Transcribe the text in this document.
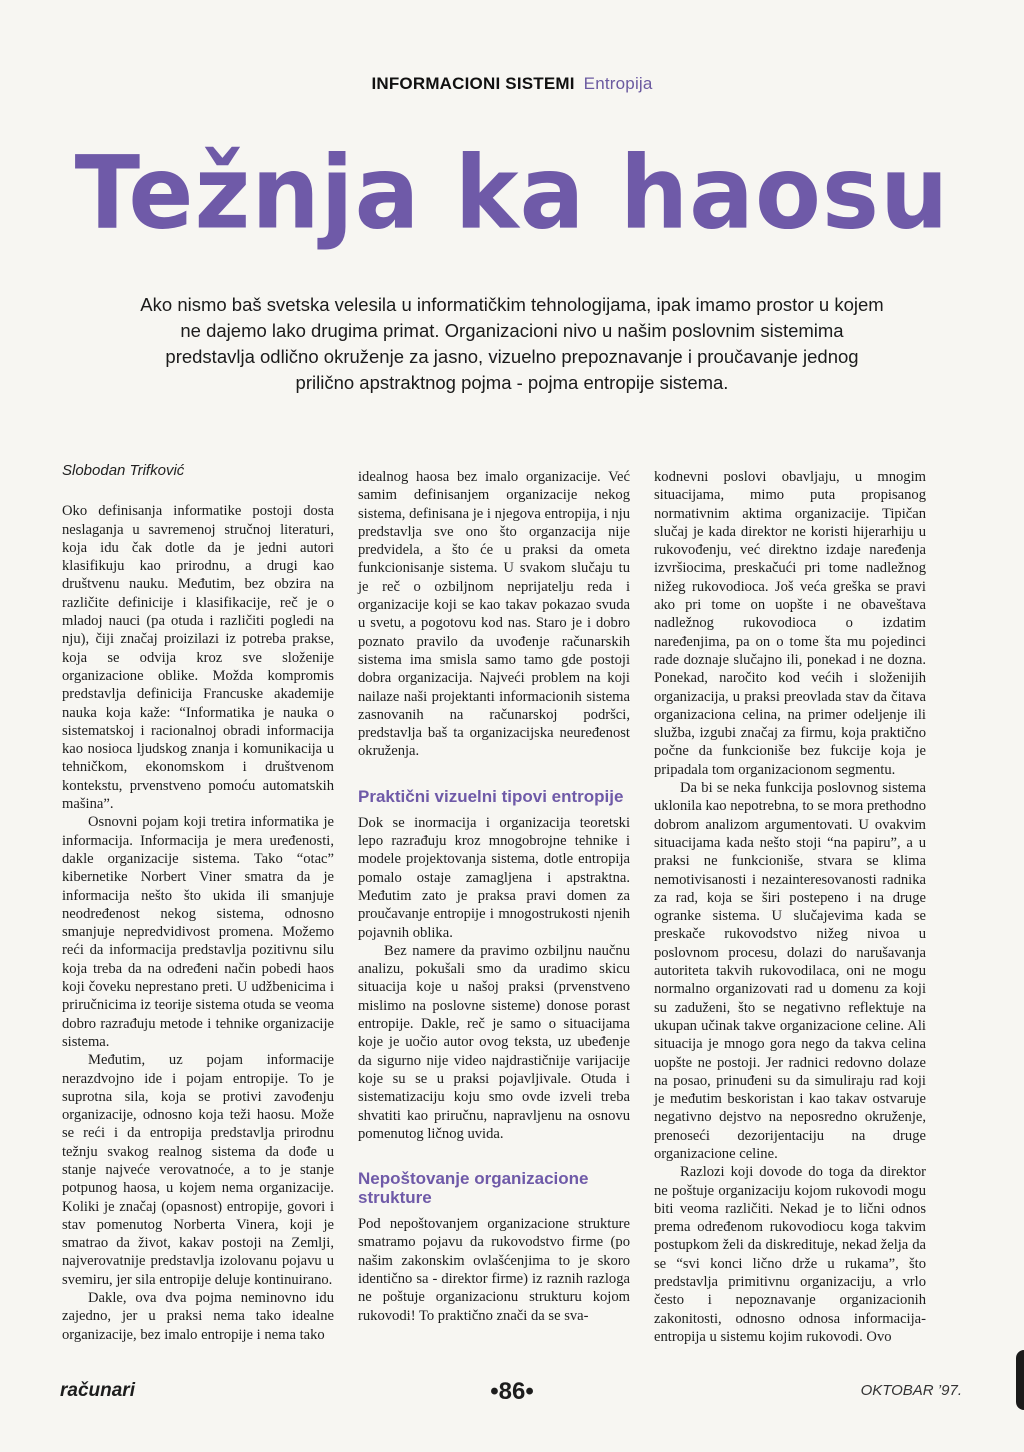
INFORMACIONI SISTEMI Entropija
Težnja ka haosu
Ako nismo baš svetska velesila u informatičkim tehnologijama, ipak imamo prostor u kojem ne dajemo lako drugima primat. Organizacioni nivo u našim poslovnim sistemima predstavlja odlično okruženje za jasno, vizuelno prepoznavanje i proučavanje jednog prilično apstraktnog pojma - pojma entropije sistema.
Slobodan Trifković

Oko definisanja informatike postoji dosta neslaganja u savremenoj stručnoj literaturi, koja idu čak dotle da je jedni autori klasifikuju kao prirodnu, a drugi kao društvenu nauku. Međutim, bez obzira na različite definicije i klasifikacije, reč je o mladoj nauci (pa otuda i različiti pogledi na nju), čiji značaj proizilazi iz potreba prakse, koja se odvija kroz sve složenije organizacione oblike. Možda kompromis predstavlja definicija Francuske akademije nauka koja kaže: “Informatika je nauka o sistematskoj i racionalnoj obradi informacija kao nosioca ljudskog znanja i komunikacija u tehničkom, ekonomskom i društvenom kontekstu, prvenstveno pomoću automatskih mašina”.

Osnovni pojam koji tretira informatika je informacija. Informacija je mera uređenosti, dakle organizacije sistema. Tako “otac” kibernetike Norbert Viner smatra da je informacija nešto što ukida ili smanjuje neodređenost nekog sistema, odnosno smanjuje nepredvidivost promena. Možemo reći da informacija predstavlja pozitivnu silu koja treba da na određeni način pobedi haos koji čoveku neprestano preti. U udžbenicima i priručnicima iz teorije sistema otuda se veoma dobro razrađuju metode i tehnike organizacije sistema.

Međutim, uz pojam informacije nerazdvojno ide i pojam entropije. To je suprotna sila, koja se protivi zavođenju organizacije, odnosno koja teži haosu. Može se reći i da entropija predstavlja prirodnu težnju svakog realnog sistema da dođe u stanje najveće verovatnoće, a to je stanje potpunog haosa, u kojem nema organizacije. Koliki je značaj (opasnost) entropije, govori i stav pomenutog Norberta Vinera, koji je smatrao da život, kakav postoji na Zemlji, najverovatnije predstavlja izolovanu pojavu u svemiru, jer sila entropije deluje kontinuirano.

Dakle, ova dva pojma neminovno idu zajedno, jer u praksi nema tako idealne organizacije, bez imalo entropije i nema tako

idealnog haosa bez imalo organizacije. Već samim definisanjem organizacije nekog sistema, definisana je i njegova entropija, i nju predstavlja sve ono što organzacija nije predvidela, a što će u praksi da ometa funkcionisanje sistema. U svakom slučaju tu je reč o ozbiljnom neprijatelju reda i organizacije koji se kao takav pokazao svuda u svetu, a pogotovu kod nas. Staro je i dobro poznato pravilo da uvođenje računarskih sistema ima smisla samo tamo gde postoji dobra organizacija. Najveći problem na koji nailaze naši projektanti informacionih sistema zasnovanih na računarskoj podršci, predstavlja baš ta organizacijska neuređenost okruženja.

Praktični vizuelni tipovi entropije

Dok se inormacija i organizacija teoretski lepo razrađuju kroz mnogobrojne tehnike i modele projektovanja sistema, dotle entropija pomalo ostaje zamagljena i apstraktna. Međutim zato je praksa pravi domen za proučavanje entropije i mnogostrukosti njenih pojavnih oblika.

Bez namere da pravimo ozbiljnu naučnu analizu, pokušali smo da uradimo skicu situacija koje u našoj praksi (prvenstveno mislimo na poslovne sisteme) donose porast entropije. Dakle, reč je samo o situacijama koje je uočio autor ovog teksta, uz ubeđenje da sigurno nije video najdrastičnije varijacije koje su se u praksi pojavljivale. Otuda i sistematizaciju koju smo ovde izveli treba shvatiti kao priručnu, napravljenu na osnovu pomenutog ličnog uvida.

Nepoštovanje organizacione strukture

Pod nepoštovanjem organizacione strukture smatramo pojavu da rukovodstvo firme (po našim zakonskim ovlašćenjima to je skoro identično sa - direktor firme) iz raznih razloga ne poštuje organizacionu strukturu kojom rukovodi! To praktično znači da se sva-

kodnevni poslovi obavljaju, u mnogim situacijama, mimo puta propisanog normativnim aktima organizacije. Tipičan slučaj je kada direktor ne koristi hijerarhiju u rukovođenju, već direktno izdaje naređenja izvršiocima, preskačući pri tome nadležnog nižeg rukovodioca. Još veća greška se pravi ako pri tome on uopšte i ne obaveštava nadležnog rukovodioca o izdatim naređenjima, pa on o tome šta mu pojedinci rade doznaje slučajno ili, ponekad i ne dozna. Ponekad, naročito kod većih i složenijih organizacija, u praksi preovlada stav da čitava organizaciona celina, na primer odeljenje ili služba, izgubi značaj za firmu, koja praktično počne da funkcioniše bez fukcije koja je pripadala tom organizacionom segmentu.

Da bi se neka funkcija poslovnog sistema uklonila kao nepotrebna, to se mora prethodno dobrom analizom argumentovati. U ovakvim situacijama kada nešto stoji “na papiru”, a u praksi ne funkcioniše, stvara se klima nemotivisanosti i nezainteresovanosti radnika za rad, koja se širi postepeno i na druge ogranke sistema. U slučajevima kada se preskače rukovodstvo nižeg nivoa u poslovnom procesu, dolazi do narušavanja autoriteta takvih rukovodilaca, oni ne mogu normalno organizovati rad u domenu za koji su zaduženi, što se negativno reflektuje na ukupan učinak takve organizacione celine. Ali situacija je mnogo gora nego da takva celina uopšte ne postoji. Jer radnici redovno dolaze na posao, prinuđeni su da simuliraju rad koji je međutim beskoristan i kao takav ostvaruje negativno dejstvo na neposredno okruženje, prenoseći dezorijentaciju na druge organizacione celine.

Razlozi koji dovode do toga da direktor ne poštuje organizaciju kojom rukovodi mogu biti veoma različiti. Nekad je to lični odnos prema određenom rukovodiocu koga takvim postupkom želi da diskredituje, nekad želja da se “svi konci lično drže u rukama”, što predstavlja primitivnu organizaciju, a vrlo često i nepoznavanje organizacionih zakonitosti, odnosno odnosa informacija-entropija u sistemu kojim rukovodi. Ovo

računari	•86•	OKTOBAR ’97.
